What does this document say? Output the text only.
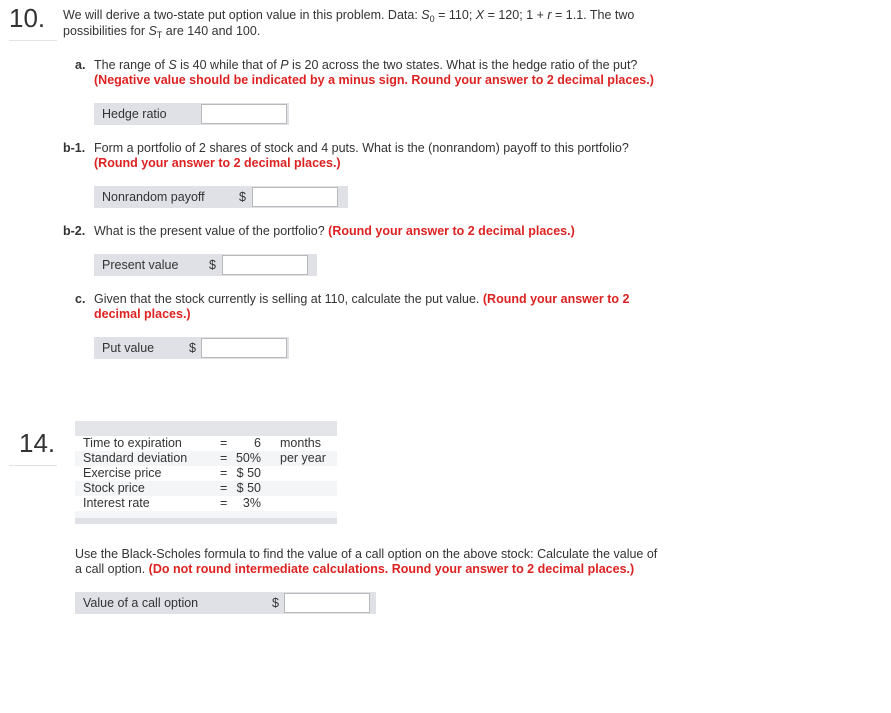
10. We will derive a two-state put option value in this problem. Data: $S_0 = 110$; X = 120; 1 + r = 1.1. The two
possibilities for $S_T$ are 140 and 100.
a. The range of S is 40 while that of P is 20 across the two states. What is the hedge ratio of the put?
(Negative value should be indicated by a minus sign. Round your answer to 2 decimal places.)
Hedge ratio
b-1. Form a portfolio of 2 shares of stock and 4 puts. What is the (nonrandom) payoff to this portfolio?
(Round your answer to 2 decimal places.)
Nonrandom payoff	$
b-2. What is the present value of the portfolio? (Round your answer to 2 decimal places.)
Present value $
c. Given that the stock currently is selling at 110, calculate the put value. (Round your answer to 2
decimal places.)
Put value	$
14. Time to expiration	=	6 months
Standard deviation	= 50% per year
Exercise price	= $ 50
Stock price	= $ 50
Interest rate	=	3%
Use the Black-Scholes formula to find the value of a call option on the above stock: Calculate the value of
a call option. (Do not round intermediate calculations. Round your answer to 2 decimal places.)
Value of a call option	$
